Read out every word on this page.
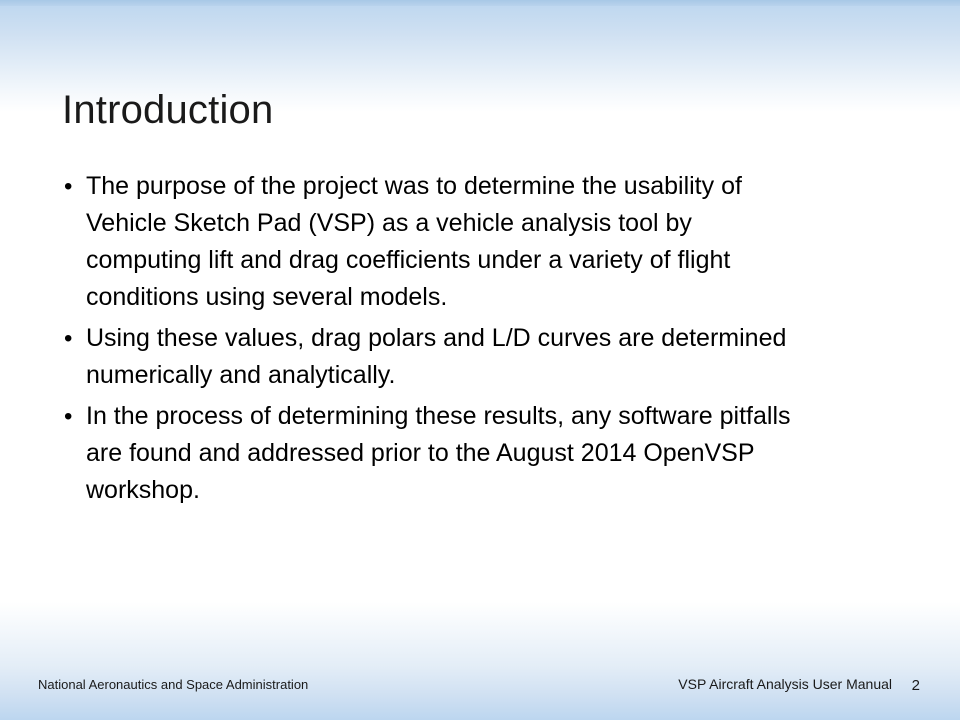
Introduction
• The purpose of the project was to determine the usability of Vehicle Sketch Pad (VSP) as a vehicle analysis tool by computing lift and drag coefficients under a variety of flight conditions using several models.
• Using these values, drag polars and L/D curves are determined numerically and analytically.
• In the process of determining these results, any software pitfalls are found and addressed prior to the August 2014 OpenVSP workshop.
National Aeronautics and Space Administration	VSP Aircraft Analysis User Manual 2
